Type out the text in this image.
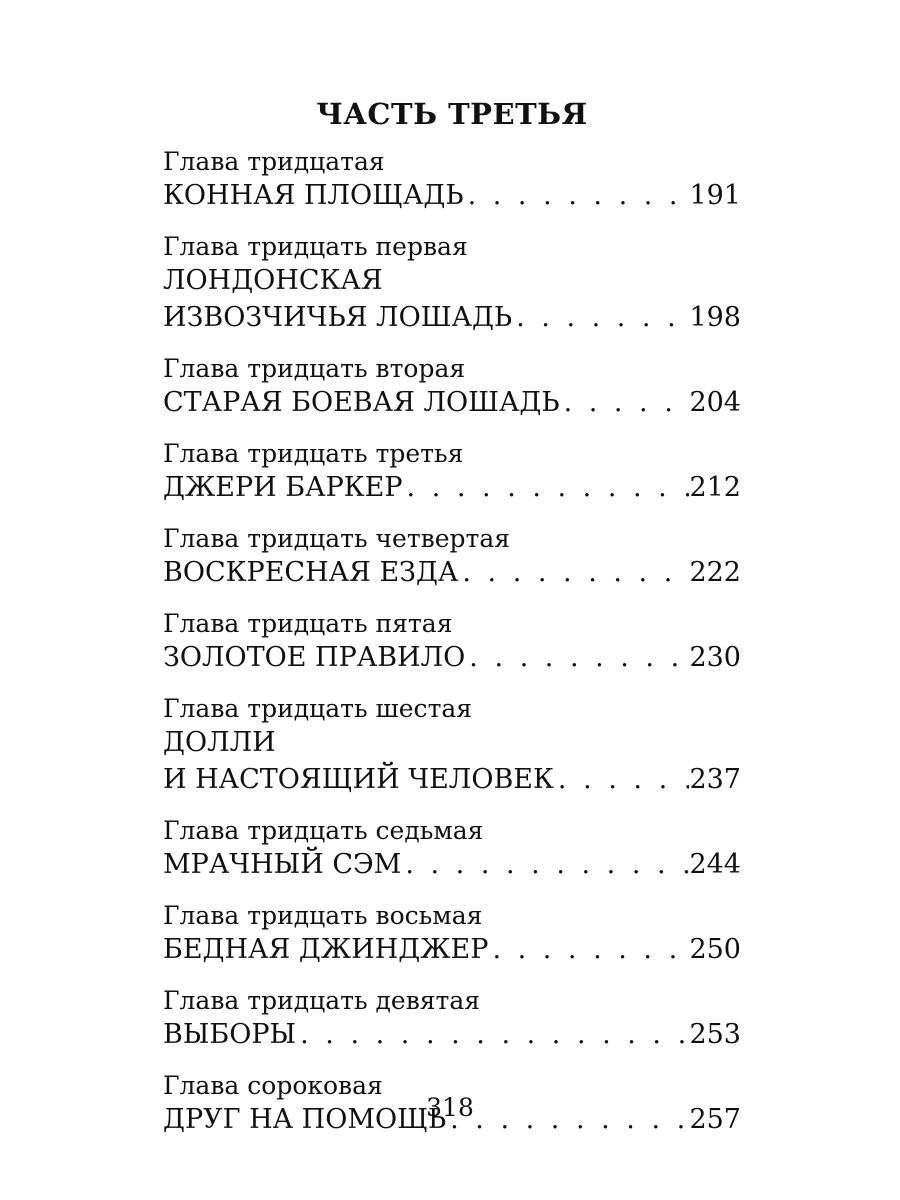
ЧАСТЬ ТРЕТЬЯ
Глава тридцатая
КОННАЯ ПЛОЩАДЬ . . .	191
Глава тридцать первая
ЛОНДОНСКАЯ
ИЗВОЗЧИЧЬЯ ЛОШАДЬ . . .	198
Глава тридцать вторая
СТАРАЯ БОЕВАЯ ЛОШАДЬ . . .	204
Глава тридцать третья
ДЖЕРИ БАРКЕР . . .	212
Глава тридцать четвертая
ВОСКРЕСНАЯ ЕЗДА . . .	222
Глава тридцать пятая
ЗОЛОТОЕ ПРАВИЛО . . .	230
Глава тридцать шестая
ДОЛЛИ
И НАСТОЯЩИЙ ЧЕЛОВЕК . . .	237
Глава тридцать седьмая
МРАЧНЫЙ СЭМ . . .	244
Глава тридцать восьмая
БЕДНАЯ ДЖИНДЖЕР . . .	250
Глава тридцать девятая
ВЫБОРЫ . . .	253
Глава сороковая
ДРУГ НА ПОМОЩЬ . . .	257
318
